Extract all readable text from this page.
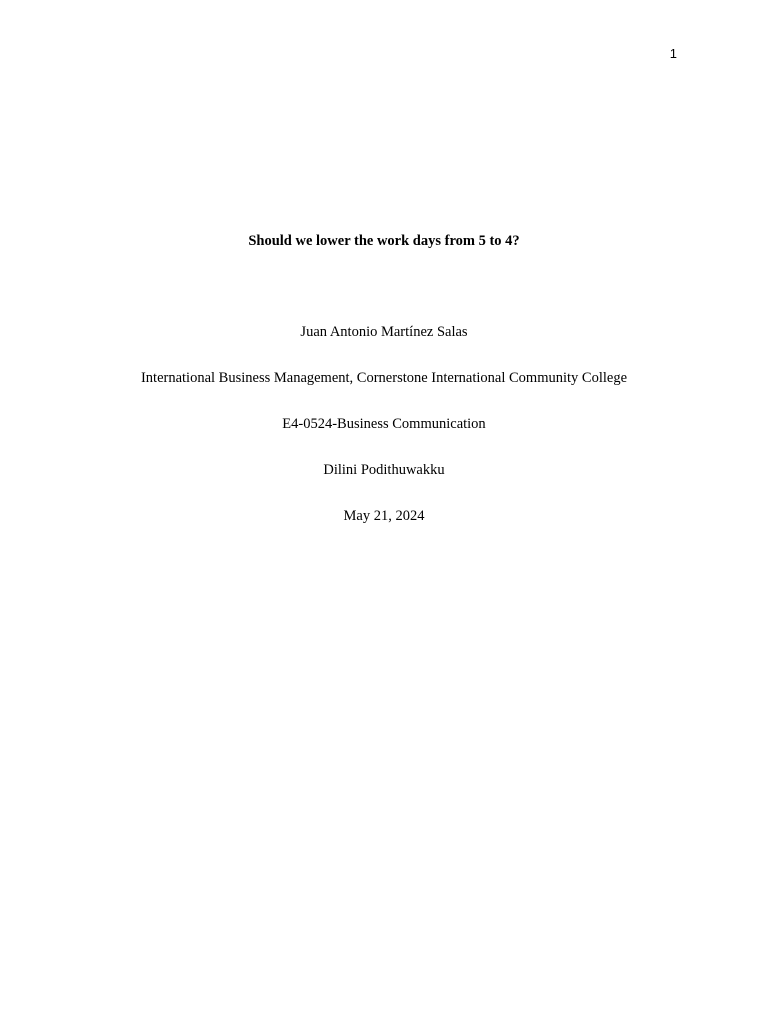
1
Should we lower the work days from 5 to 4?
Juan Antonio Martínez Salas
International Business Management, Cornerstone International Community College
E4-0524-Business Communication
Dilini Podithuwakku
May 21, 2024
